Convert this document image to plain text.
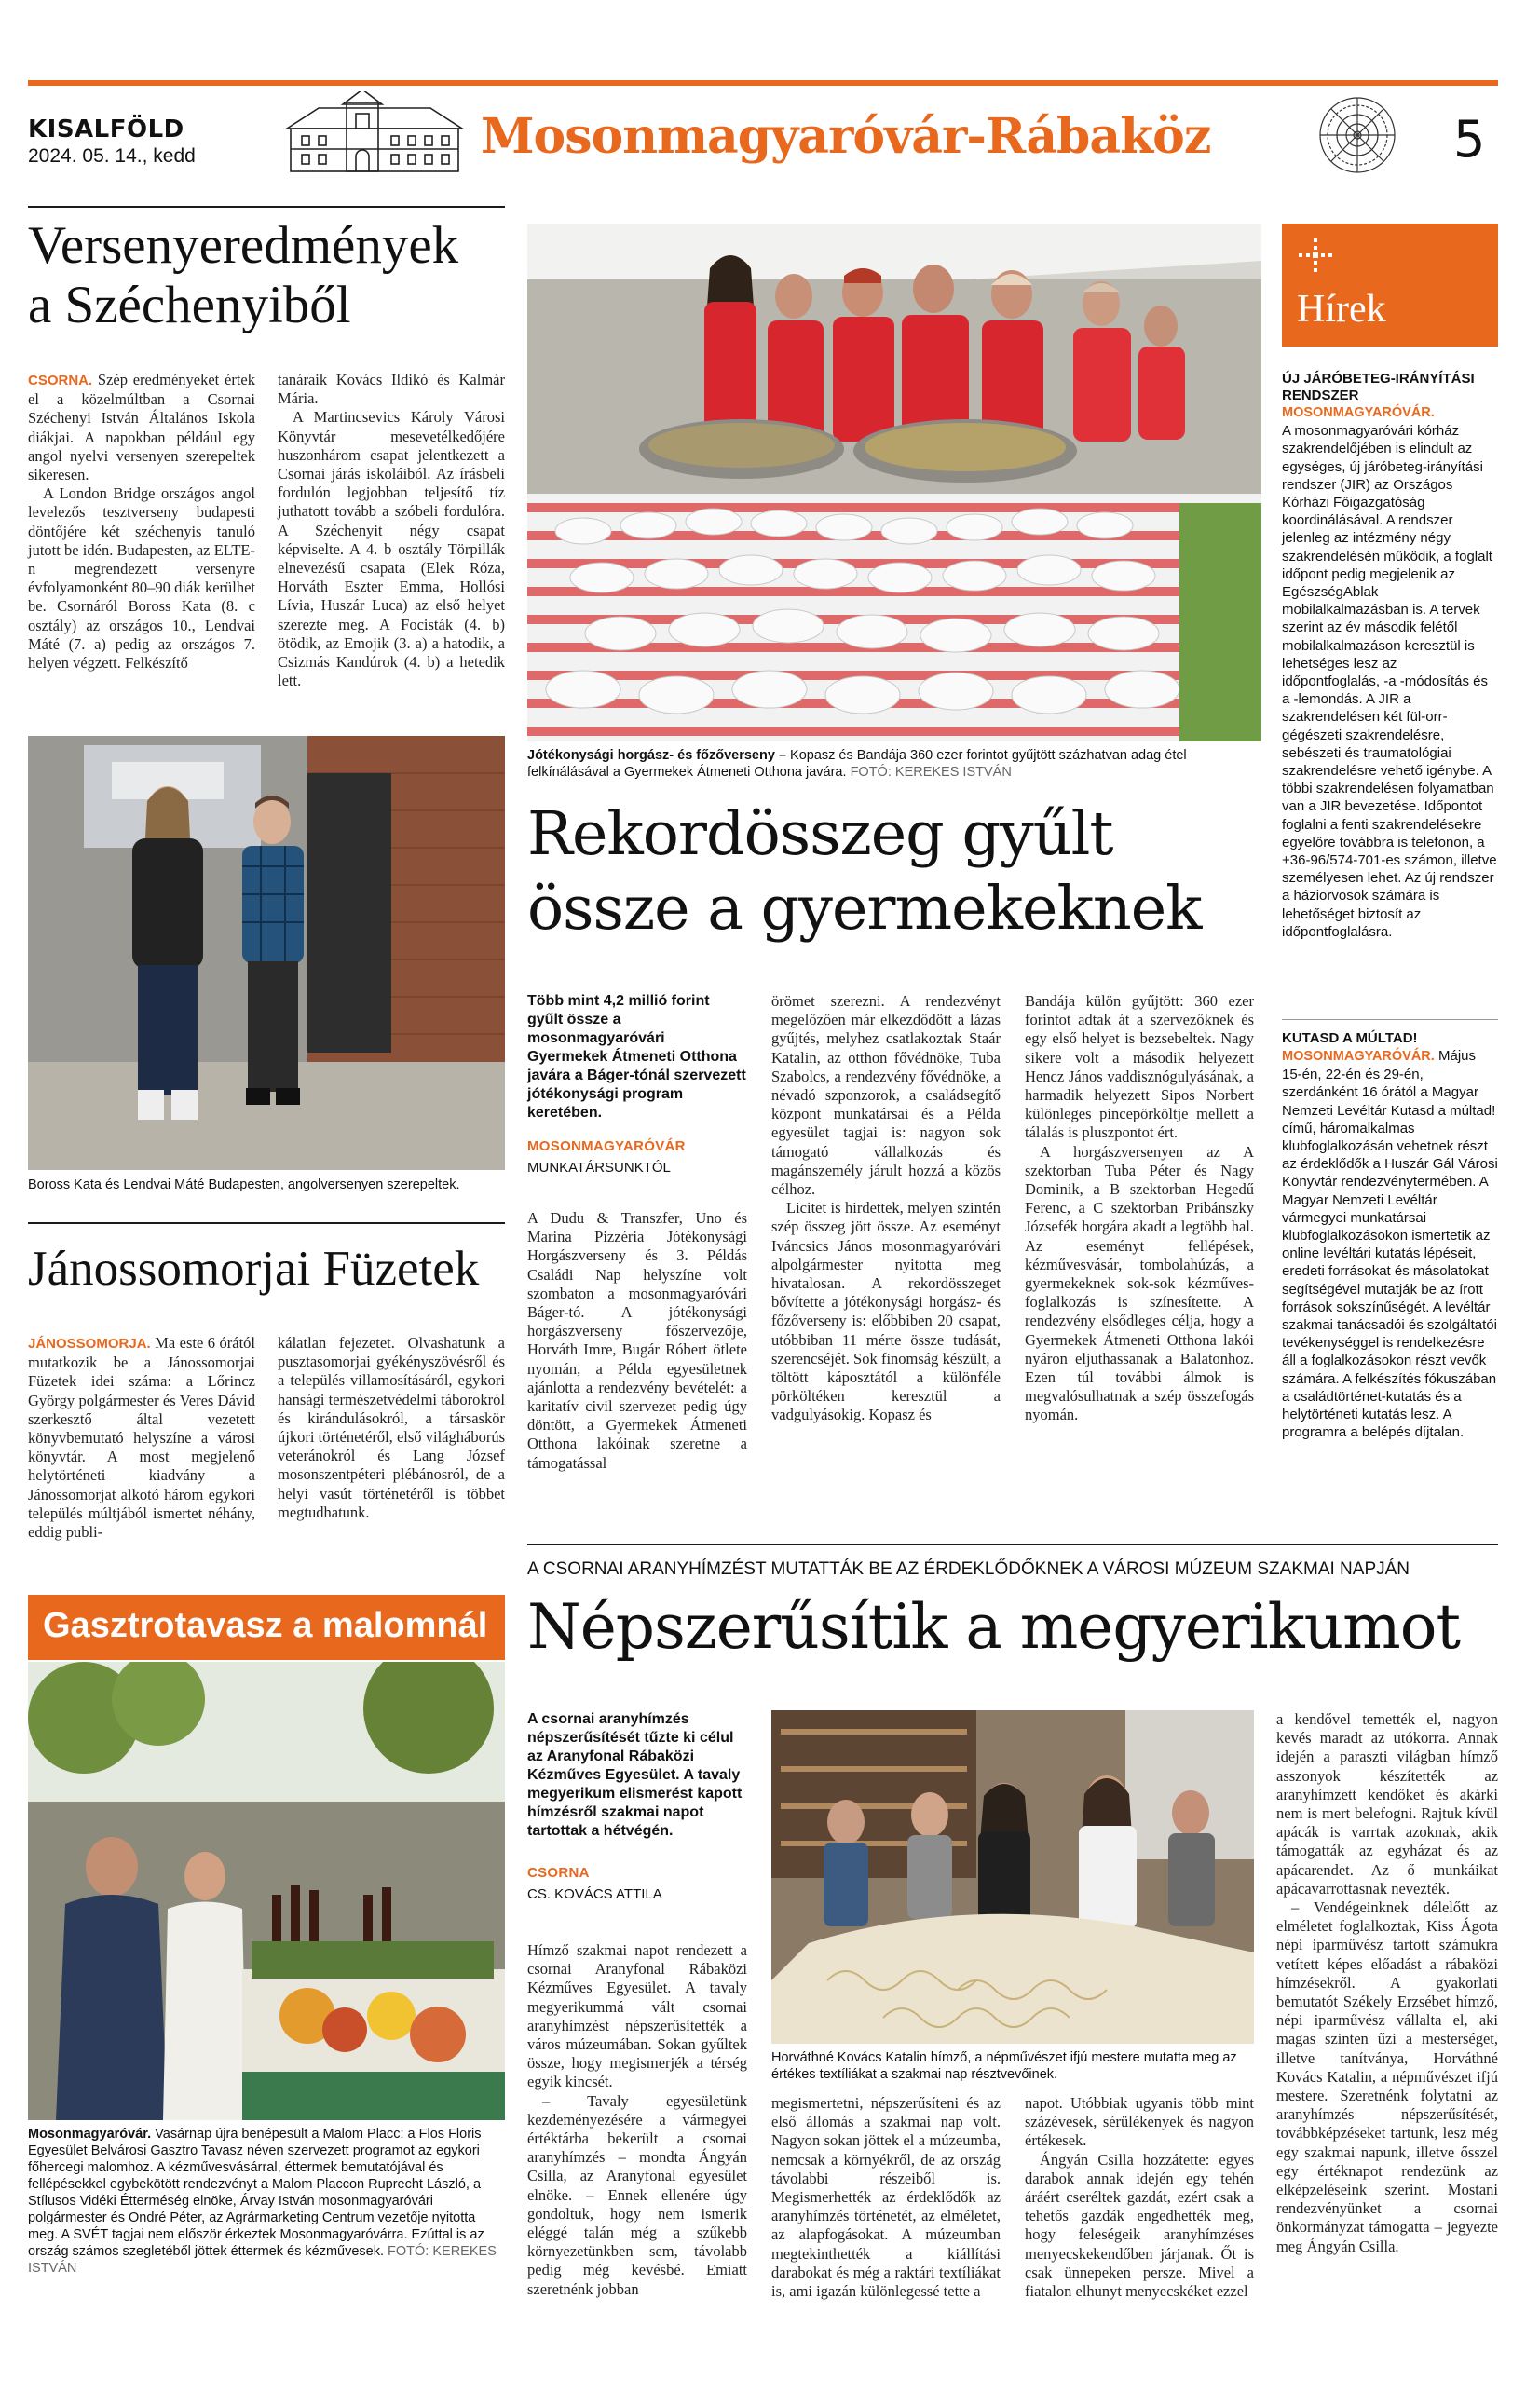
KISALFÖLD
2024. 05. 14., kedd	Mosonmagyaróvár-Rábaköz	5
Versenyeredmények
a Széchenyiből

CSORNA. Szép eredményeket értek el a közelmúltban a Csornai Széchenyi István Általános Iskola diákjai. A napokban például egy angol nyelvi versenyen szerepeltek sikeresen.

A London Bridge országos angol levelezős tesztverseny budapesti döntőjére két széchenyis tanuló jutott be idén. Budapesten, az ELTE-n megrendezett versenyre évfolyamonként 80–90 diák kerülhet be. Csornáról Boross Kata (8. c osztály) az országos 10., Lendvai Máté (7. a) pedig az országos 7. helyen végzett. Felkészítő

tanáraik Kovács Ildikó és Kalmár Mária.

A Martincsevics Károly Városi Könyvtár mesevetélkedőjére huszonhárom csapat jelentkezett a Csornai járás iskoláiból. Az írásbeli fordulón legjobban teljesítő tíz juthatott tovább a szóbeli fordulóra. A Széchenyit négy csapat képviselte. A 4. b osztály Törpillák elnevezésű csapata (Elek Róza, Horváth Eszter Emma, Hollósi Lívia, Huszár Luca) az első helyet szerezte meg. A Focisták (4. b) ötödik, az Emojik (3. a) a hatodik, a Csizmás Kandúrok (4. b) a hetedik lett.

Boross Kata és Lendvai Máté Budapesten, angolversenyen szerepeltek.
Jánossomorjai Füzetek

JÁNOSSOMORJA. Ma este 6 órától mutatkozik be a Jánossomorjai Füzetek idei száma: a Lőrincz György polgármester és Veres Dávid szerkesztő által vezetett könyvbemutató helyszíne a városi könyvtár. A most megjelenő helytörténeti kiadvány a Jánossomorjat alkotó három egykori település múltjából ismertet néhány, eddig publi-

kálatlan fejezetet. Olvashatunk a pusztasomorjai gyékényszövésről és a település villamosításáról, egykori hansági természetvédelmi táborokról és kirándulásokról, a társaskör újkori történetéről, első világháborús veteránokról és Lang József mosonszentpéteri plébánosról, de a helyi vasút történetéről is többet megtudhatunk.

Gasztrotavasz a malomnál
Mosonmagyaróvár. Vasárnap újra benépesült a Malom Placc: a Flos Floris Egyesület Belvárosi Gasztro Tavasz néven szervezett programot az egykori főhercegi malomhoz. A kézművesvásárral, éttermek bemutatójával és fellépésekkel egybekötött rendezvényt a Malom Placcon Ruprecht László, a Stílusos Vidéki Étterméség elnöke, Árvay István mosonmagyaróvári polgármester és Ondré Péter, az Agrármarketing Centrum vezetője nyitotta meg. A SVÉT tagjai nem először érkeztek Mosonmagyaróvárra. Ezúttal is az ország számos szegletéből jöttek éttermek és kézművesek. FOTÓ: KEREKES ISTVÁN
Jótékonysági horgász- és főzőverseny – Kopasz és Bandája 360 ezer forintot gyűjtött százhatvan adag étel felkínálásával a Gyermekek Átmeneti Otthona javára. FOTÓ: KEREKES ISTVÁN
Rekordösszeg gyűlt
össze a gyermekeknek
Több mint 4,2 millió forint gyűlt össze a mosonmagyaróvári Gyermekek Átmeneti Otthona javára a Báger-tónál szervezett jótékonysági program keretében.
MOSONMAGYARÓVÁR
MUNKATÁRSUNKTÓL

A Dudu & Transzfer, Uno és Marina Pizzéria Jótékonysági Horgászverseny és 3. Példás Családi Nap helyszíne volt szombaton a mosonmagyaróvári Báger-tó. A jótékonysági horgászverseny főszervezője, Horváth Imre, Bugár Róbert ötlete nyomán, a Példa egyesületnek ajánlotta a rendezvény bevételét: a karitatív civil szervezet pedig úgy döntött, a Gyermekek Átmeneti Otthona lakóinak szeretne a támogatással

örömet szerezni. A rendezvényt megelőzően már elkezdődött a lázas gyűjtés, melyhez csatlakoztak Staár Katalin, az otthon fővédnöke, Tuba Szabolcs, a rendezvény fővédnöke, a névadó szponzorok, a családsegítő központ munkatársai és a Példa egyesület tagjai is: nagyon sok támogató vállalkozás és magánszemély járult hozzá a közös célhoz.

Licitet is hirdettek, melyen szintén szép összeg jött össze. Az eseményt Iváncsics János mosonmagyaróvári alpolgármester nyitotta meg hivatalosan. A rekordösszeget bővítette a jótékonysági horgász- és főzőverseny is: előbbiben 20 csapat, utóbbiban 11 mérte össze tudását, szerencséjét. Sok finomság készült, a töltött káposztától a különféle pörköltéken keresztül a vadgulyásokig. Kopasz és

Bandája külön gyűjtött: 360 ezer forintot adtak át a szervezőknek és egy első helyet is bezsebeltek. Nagy sikere volt a második helyezett Hencz János vaddisznógulyásának, a harmadik helyezett Sipos Norbert különleges pincepörköltje mellett a tálalás is pluszpontot ért.

A horgászversenyen az A szektorban Tuba Péter és Nagy Dominik, a B szektorban Hegedű Ferenc, a C szektorban Pribánszky Józsefék horgára akadt a legtöbb hal. Az eseményt fellépések, kézművesvásár, tombolahúzás, a gyermekeknek sok-sok kézműves-foglalkozás is színesítette. A rendezvény elsődleges célja, hogy a Gyermekek Átmeneti Otthona lakói nyáron eljuthassanak a Balatonhoz. Ezen túl további álmok is megvalósulhatnak a szép összefogás nyomán.

Hírek
ÚJ JÁRÓBETEG-IRÁNYÍTÁSI RENDSZER
MOSONMAGYARÓVÁR.
A mosonmagyaróvári kórház szakrendelőjében is elindult az egységes, új járóbeteg-irányítási rendszer (JIR) az Országos Kórházi Főigazgatóság koordinálásával. A rendszer jelenleg az intézmény négy szakrendelésén működik, a foglalt időpont pedig megjelenik az EgészségAblak mobilalkalmazásban is. A tervek szerint az év második felétől mobilalkalmazáson keresztül is lehetséges lesz az időpontfoglalás, -a -módosítás és a -lemondás. A JIR a szakrendelésen két fül-orr-gégészeti szakrendelésre, sebészeti és traumatológiai szakrendelésre vehető igénybe. A többi szakrendelésen folyamatban van a JIR bevezetése. Időpontot foglalni a fenti szakrendelésekre egyelőre továbbra is telefonon, a +36-96/574-701-es számon, illetve személyesen lehet. Az új rendszer a háziorvosok számára is lehetőséget biztosít az időpontfoglalásra.
KUTASD A MÚLTAD!
MOSONMAGYARÓVÁR. Május 15-én, 22-én és 29-én, szerdánként 16 órától a Magyar Nemzeti Levéltár Kutasd a múltad! című, háromalkalmas klubfoglalkozásán vehetnek részt az érdeklődők a Huszár Gál Városi Könyvtár rendezvénytermében. A Magyar Nemzeti Levéltár vármegyei munkatársai klubfoglalkozásokon ismertetik az online levéltári kutatás lépéseit, eredeti forrásokat és másolatokat segítségével mutatják be az írott források sokszínűségét. A levéltár szakmai tanácsadói és szolgáltatói tevékenységgel is rendelkezésre áll a foglalkozásokon részt vevők számára. A felkészítés fókuszában a családtörténet-kutatás és a helytörténeti kutatás lesz. A programra a belépés díjtalan.
A CSORNAI ARANYHÍMZÉST MUTATTÁK BE AZ ÉRDEKLŐDŐKNEK A VÁROSI MÚZEUM SZAKMAI NAPJÁN
Népszerűsítik a megyerikumot
A csornai aranyhímzés népszerűsítését tűzte ki célul az Aranyfonal Rábaközi Kézműves Egyesület. A tavaly megyerikum elismerést kapott hímzésről szakmai napot tartottak a hétvégén.
CSORNA
CS. KOVÁCS ATTILA

Hímző szakmai napot rendezett a csornai Aranyfonal Rábaközi Kézműves Egyesület. A tavaly megyerikummá vált csornai aranyhímzést népszerűsítették a város múzeumában. Sokan gyűltek össze, hogy megismerjék a térség egyik kincsét.

– Tavaly egyesületünk kezdeményezésére a vármegyei értéktárba bekerült a csornai aranyhímzés – mondta Ángyán Csilla, az Aranyfonal egyesület elnöke. – Ennek ellenére úgy gondoltuk, hogy nem ismerik eléggé talán még a szűkebb környezetünkben sem, távolabb pedig még kevésbé. Emiatt szeretnénk jobban

Horváthné Kovács Katalin hímző, a népművészet ifjú mestere mutatta meg az értékes textíliákat a szakmai nap résztvevőinek.

megismertetni, népszerűsíteni és az első állomás a szakmai nap volt. Nagyon sokan jöttek el a múzeumba, nemcsak a környékről, de az ország távolabbi részeiből is. Megismerhették az érdeklődők az aranyhímzés történetét, az elméletet, az alapfogásokat. A múzeumban megtekinthették a kiállítási darabokat és még a raktári textíliákat is, ami igazán különlegessé tette a

napot. Utóbbiak ugyanis több mint százévesek, sérülékenyek és nagyon értékesek.

Ángyán Csilla hozzátette: egyes darabok annak idején egy tehén áráért cseréltek gazdát, ezért csak a tehetős gazdák engedhették meg, hogy feleségeik aranyhímzéses menyecskekendőben járjanak. Őt is csak ünnepeken persze. Mivel a fiatalon elhunyt menyecskéket ezzel

a kendővel temették el, nagyon kevés maradt az utókorra. Annak idején a paraszti világban hímző asszonyok készítették az aranyhímzett kendőket és akárki nem is mert belefogni. Rajtuk kívül apácák is varrtak azoknak, akik támogatták az egyházat és az apácarendet. Az ő munkáikat apácavarrottasnak nevezték.

– Vendégeinknek délelőtt az elméletet foglalkoztak, Kiss Ágota népi iparművész tartott számukra vetített képes előadást a rábaközi hímzésekről. A gyakorlati bemutatót Székely Erzsébet hímző, népi iparművész vállalta el, aki magas szinten űzi a mesterséget, illetve tanítványa, Horváthné Kovács Katalin, a népművészet ifjú mestere. Szeretnénk folytatni az aranyhímzés népszerűsítését, továbbképzéseket tartunk, lesz még egy szakmai napunk, illetve ősszel egy értéknapot rendezünk az elképzeléseink szerint. Mostani rendezvényünket a csornai önkormányzat támogatta – jegyezte meg Ángyán Csilla.
